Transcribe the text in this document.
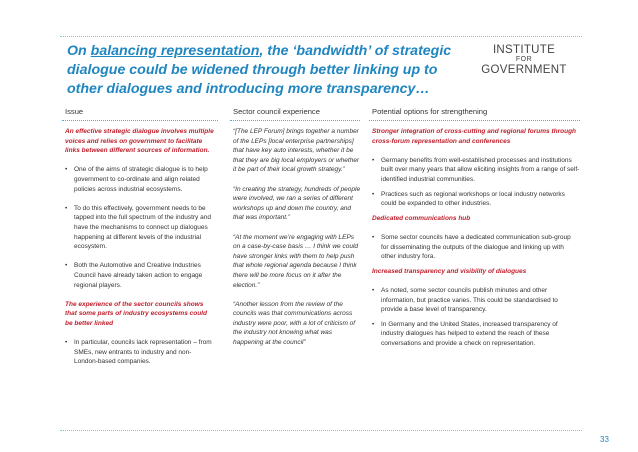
On balancing representation, the ‘bandwidth’ of strategic dialogue could be widened through better linking up to other dialogues and introducing more transparency…
INSTITUTE
FOR
GOVERNMENT
Issue	Sector council experience	Potential options for strengthening

An effective strategic dialogue involves multiple voices and relies on government to facilitate links between different sources of information.

•	One of the aims of strategic dialogue is to help government to co-ordinate and align related policies across industrial ecosystems.
•	To do this effectively, government needs to be tapped into the full spectrum of the industry and have the mechanisms to connect up dialogues happening at different levels of the industrial ecosystem.
•	Both the Automotive and Creative Industries Council have already taken action to engage regional players.

The experience of the sector councils shows that some parts of industry ecosystems could be better linked

•	In particular, councils lack representation – from SMEs, new entrants to industry and non-London-based companies.

“[The LEP Forum] brings together a number of the LEPs [local enterprise partnerships] that have key auto interests, whether it be that they are big local employers or whether it be part of their local growth strategy.”

“In creating the strategy, hundreds of people were involved, we ran a series of different workshops up and down the country, and that was important.”

“At the moment we’re engaging with LEPs on a case-by-case basis … I think we could have stronger links with them to help push that whole regional agenda because I think there will be more focus on it after the election.”

“Another lesson from the review of the councils was that communications across industry were poor, with a lot of criticism of the industry not knowing what was happening at the council”

Stronger integration of cross-cutting and regional forums through cross-forum representation and conferences

•	Germany benefits from well-established processes and institutions built over many years that allow eliciting insights from a range of self-identified industrial communities.
•	Practices such as regional workshops or local industry networks could be expanded to other industries.

Dedicated communications hub

•	Some sector councils have a dedicated communication sub-group for disseminating the outputs of the dialogue and linking up with other industry fora.

Increased transparency and visibility of dialogues

•	As noted, some sector councils publish minutes and other information, but practice varies. This could be standardised to provide a base level of transparency.
•	In Germany and the United States, increased transparency of industry dialogues has helped to extend the reach of these conversations and provide a check on representation.
33
